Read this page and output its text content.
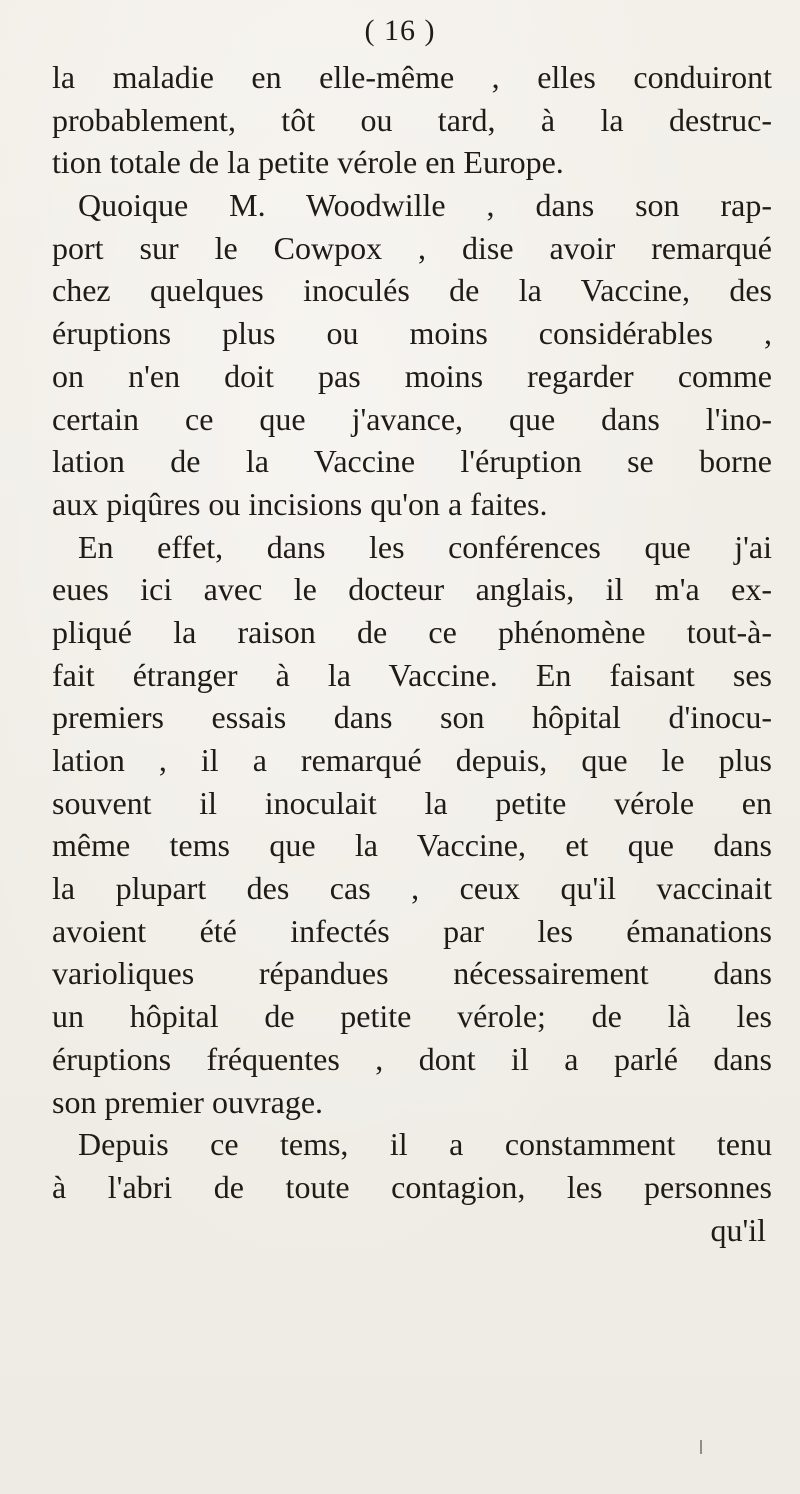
( 16 )
la maladie en elle-même , elles conduiront
probablement, tôt ou tard, à la destruc-
tion totale de la petite vérole en Europe.
Quoique M. Woodwille , dans son rap-
port sur le Cowpox , dise avoir remarqué
chez quelques inoculés de la Vaccine, des
éruptions plus ou moins considérables ,
on n'en doit pas moins regarder comme
certain ce que j'avance, que dans l'ino-
lation de la Vaccine l'éruption se borne
aux piqûres ou incisions qu'on a faites.
En effet, dans les conférences que j'ai
eues ici avec le docteur anglais, il m'a ex-
pliqué la raison de ce phénomène tout-à-
fait étranger à la Vaccine. En faisant ses
premiers essais dans son hôpital d'inocu-
lation , il a remarqué depuis, que le plus
souvent il inoculait la petite vérole en
même tems que la Vaccine, et que dans
la plupart des cas , ceux qu'il vaccinait
avoient été infectés par les émanations
varioliques répandues nécessairement dans
un hôpital de petite vérole; de là les
éruptions fréquentes , dont il a parlé dans
son premier ouvrage.
Depuis ce tems, il a constamment tenu
à l'abri de toute contagion, les personnes
qu'il
